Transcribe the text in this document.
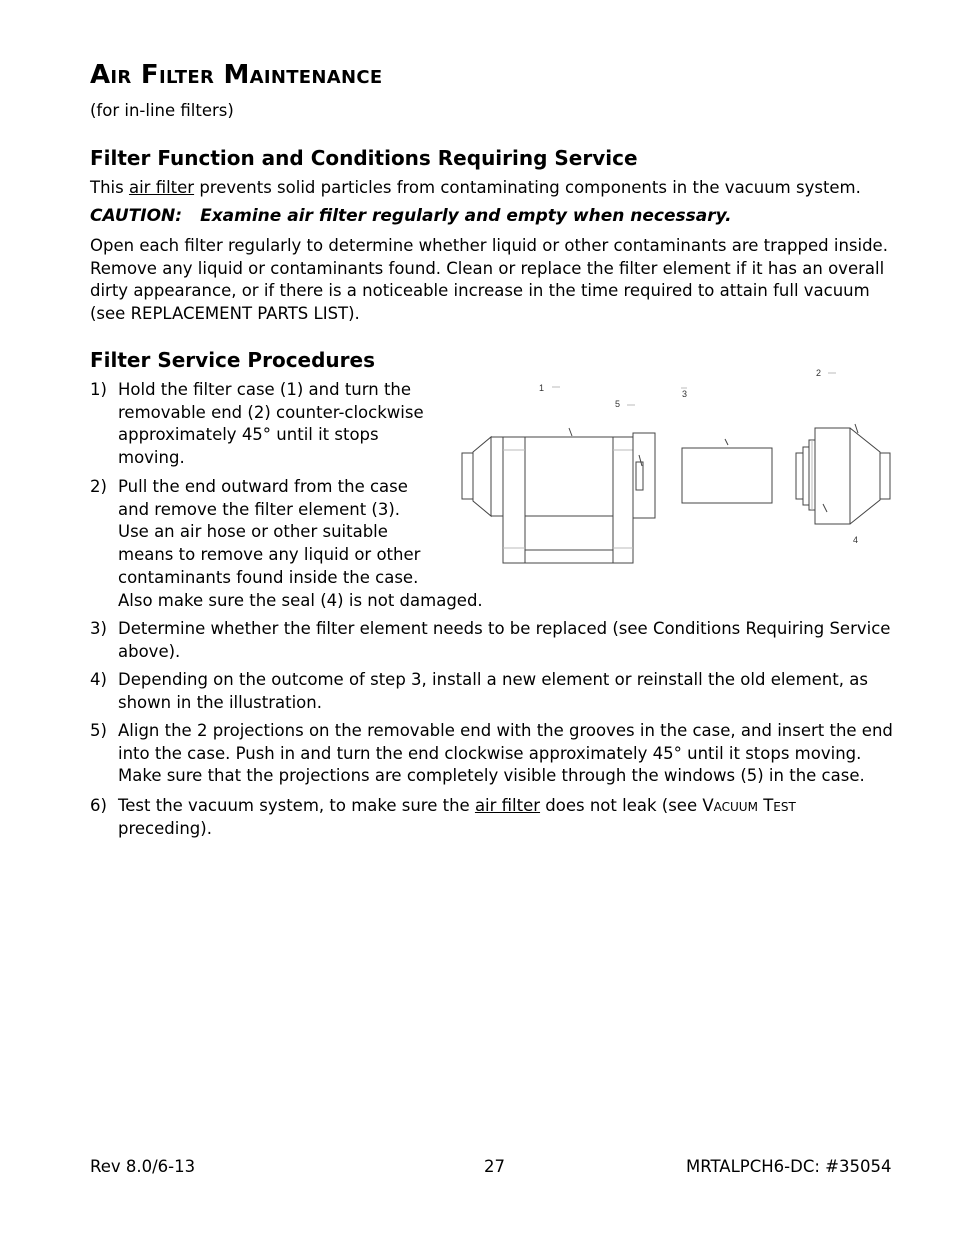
Air Filter Maintenance
(for in-line filters)
Filter Function and Conditions Requiring Service
This air filter prevents solid particles from contaminating components in the vacuum system.
CAUTION: Examine air filter regularly and empty when necessary.
Open each filter regularly to determine whether liquid or other contaminants are trapped inside. Remove any liquid or contaminants found. Clean or replace the filter element if it has an overall dirty appearance, or if there is a noticeable increase in the time required to attain full vacuum (see REPLACEMENT PARTS LIST).
Filter Service Procedures
1) Hold the filter case (1) and turn the
removable end (2) counter-clockwise
approximately 45° until it stops
moving.
2) Pull the end outward from the case
and remove the filter element (3).
Use an air hose or other suitable
means to remove any liquid or other
contaminants found inside the case.
Also make sure the seal (4) is not damaged.
3) Determine whether the filter element needs to be replaced (see Conditions Requiring Service
above).
4) Depending on the outcome of step 3, install a new element or reinstall the old element, as
shown in the illustration.
5) Align the 2 projections on the removable end with the grooves in the case, and insert the end
into the case. Push in and turn the end clockwise approximately 45° until it stops moving.
Make sure that the projections are completely visible through the windows (5) in the case.
6) Test the vacuum system, to make sure the air filter does not leak (see Vacuum Test
preceding).
1
5
3
2
4
Rev 8.0/6-13	27	MRTALPCH6-DC: #35054
